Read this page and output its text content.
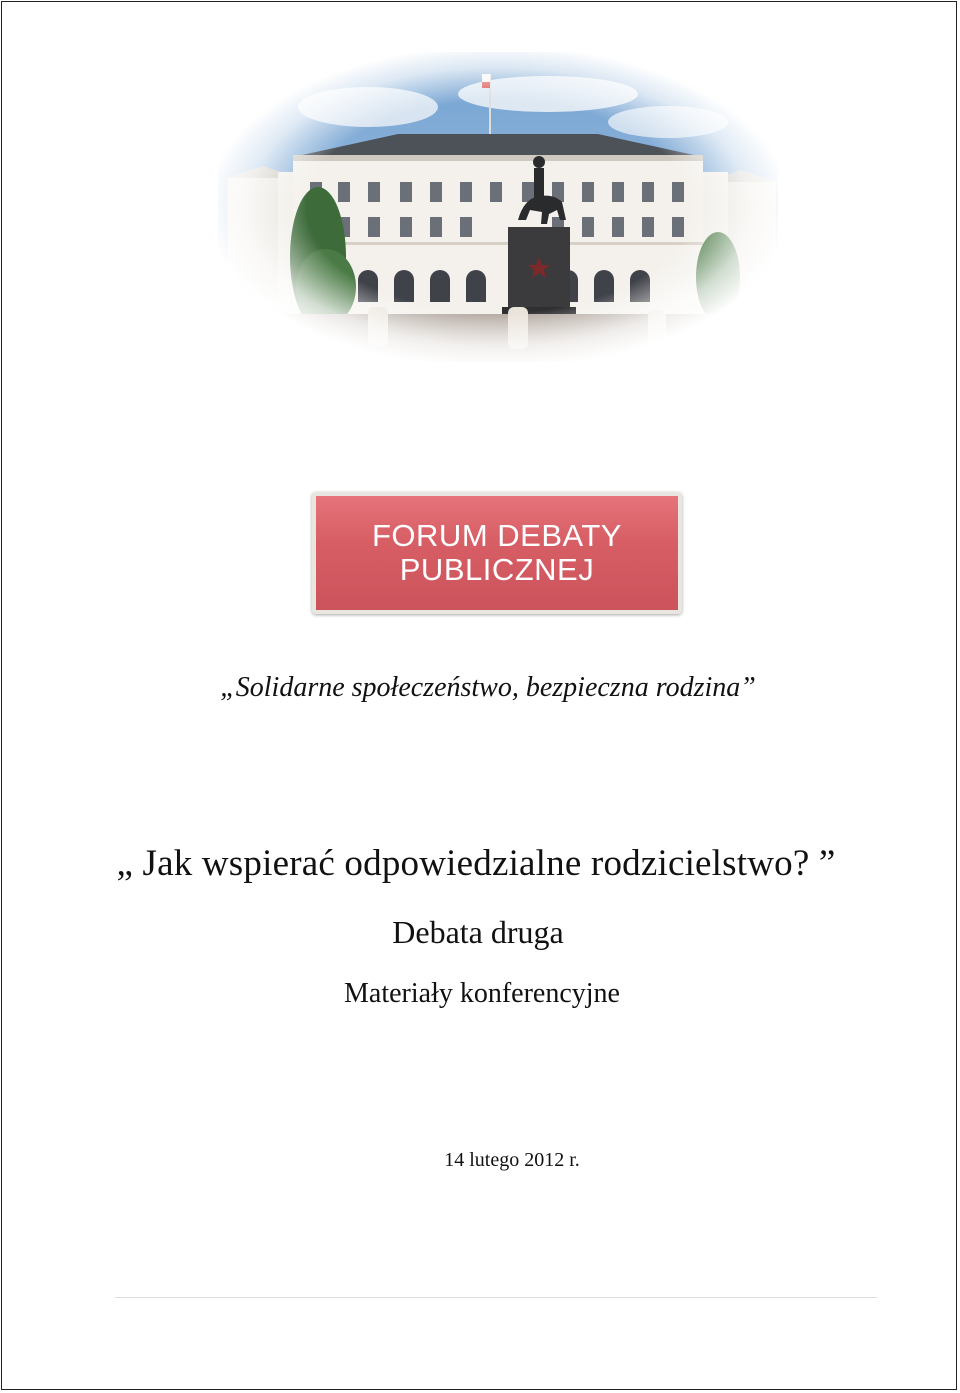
FORUM DEBATY
PUBLICZNEJ
„Solidarne społeczeństwo, bezpieczna rodzina”
„ Jak wspierać odpowiedzialne rodzicielstwo? ”
Debata druga
Materiały konferencyjne
14 lutego 2012 r.
